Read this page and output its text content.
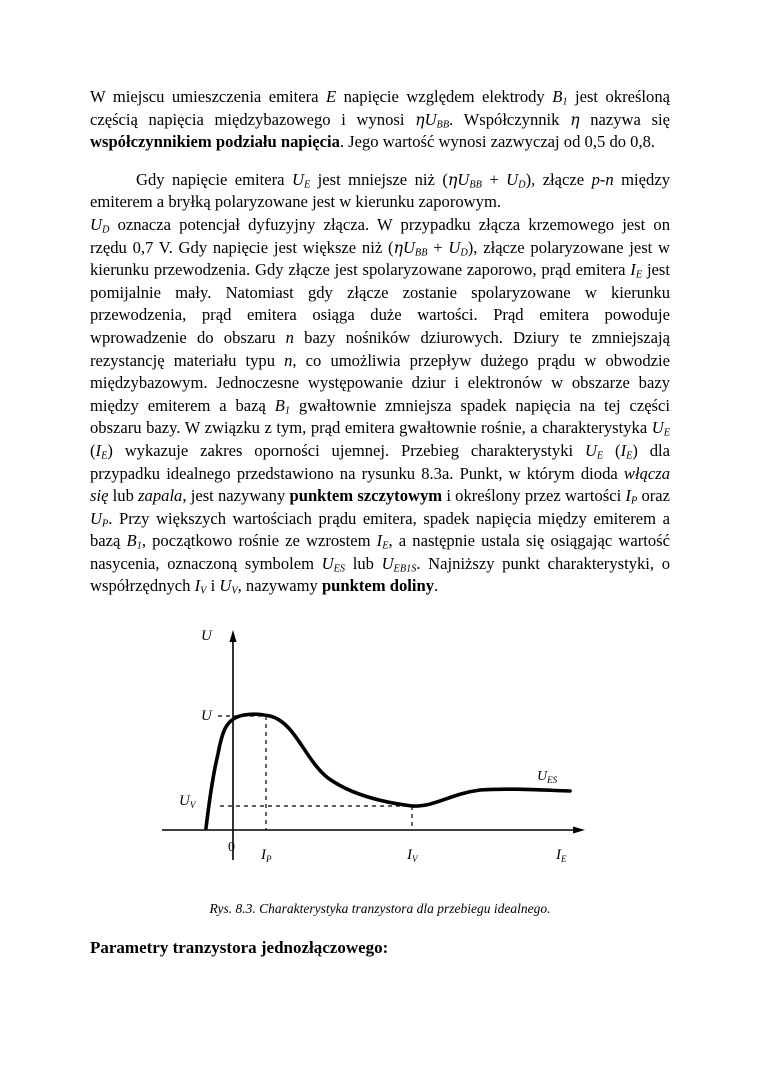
W miejscu umieszczenia emitera E napięcie względem elektrody $B_1$ jest określoną częścią napięcia międzybazowego i wynosi $\eta U_{BB}$. Współczynnik η nazywa się współczynnikiem podziału napięcia. Jego wartość wynosi zazwyczaj od 0,5 do 0,8.

Gdy napięcie emitera $U_E$ jest mniejsze niż $(\eta U_{BB} + U_D)$, złącze p-n między emiterem a bryłką polaryzowane jest w kierunku zaporowym.

$U_D$ oznacza potencjał dyfuzyjny złącza. W przypadku złącza krzemowego jest on rzędu 0,7 V. Gdy napięcie jest większe niż $(\eta U_{BB} + U_D)$, złącze polaryzowane jest w kierunku przewodzenia. Gdy złącze jest spolaryzowane zaporowo, prąd emitera $I_E$ jest pomijalnie mały. Natomiast gdy złącze zostanie spolaryzowane w kierunku przewodzenia, prąd emitera osiąga duże wartości. Prąd emitera powoduje wprowadzenie do obszaru n bazy nośników dziurowych. Dziury te zmniejszają rezystancję materiału typu n, co umożliwia przepływ dużego prądu w obwodzie międzybazowym. Jednoczesne występowanie dziur i elektronów w obszarze bazy między emiterem a bazą $B_1$ gwałtownie zmniejsza spadek napięcia na tej części obszaru bazy. W związku z tym, prąd emitera gwałtownie rośnie, a charakterystyka $U_E$ $(I_E)$ wykazuje zakres oporności ujemnej. Przebieg charakterystyki $U_E$ $(I_E)$ dla przypadku idealnego przedstawiono na rysunku 8.3a. Punkt, w którym dioda włącza się lub zapala, jest nazywany punktem szczytowym i określony przez wartości $I_P$ oraz $U_P$. Przy większych wartościach prądu emitera, spadek napięcia między emiterem a bazą $B_1$, początkowo rośnie ze wzrostem $I_E$, a następnie ustala się osiągając wartość nasycenia, oznaczoną symbolem $U_{ES}$ lub $U_{EB1S}$. Najniższy punkt charakterystyki, o współrzędnych $I_V$ i $U_V$, nazywamy punktem doliny.

U
U
$U_V$
$U_{ES}$
0 $I_P$	$I_V$	$I_E$
Rys. 8.3. Charakterystyka tranzystora dla przebiegu idealnego.
Parametry tranzystora jednozłączowego:
